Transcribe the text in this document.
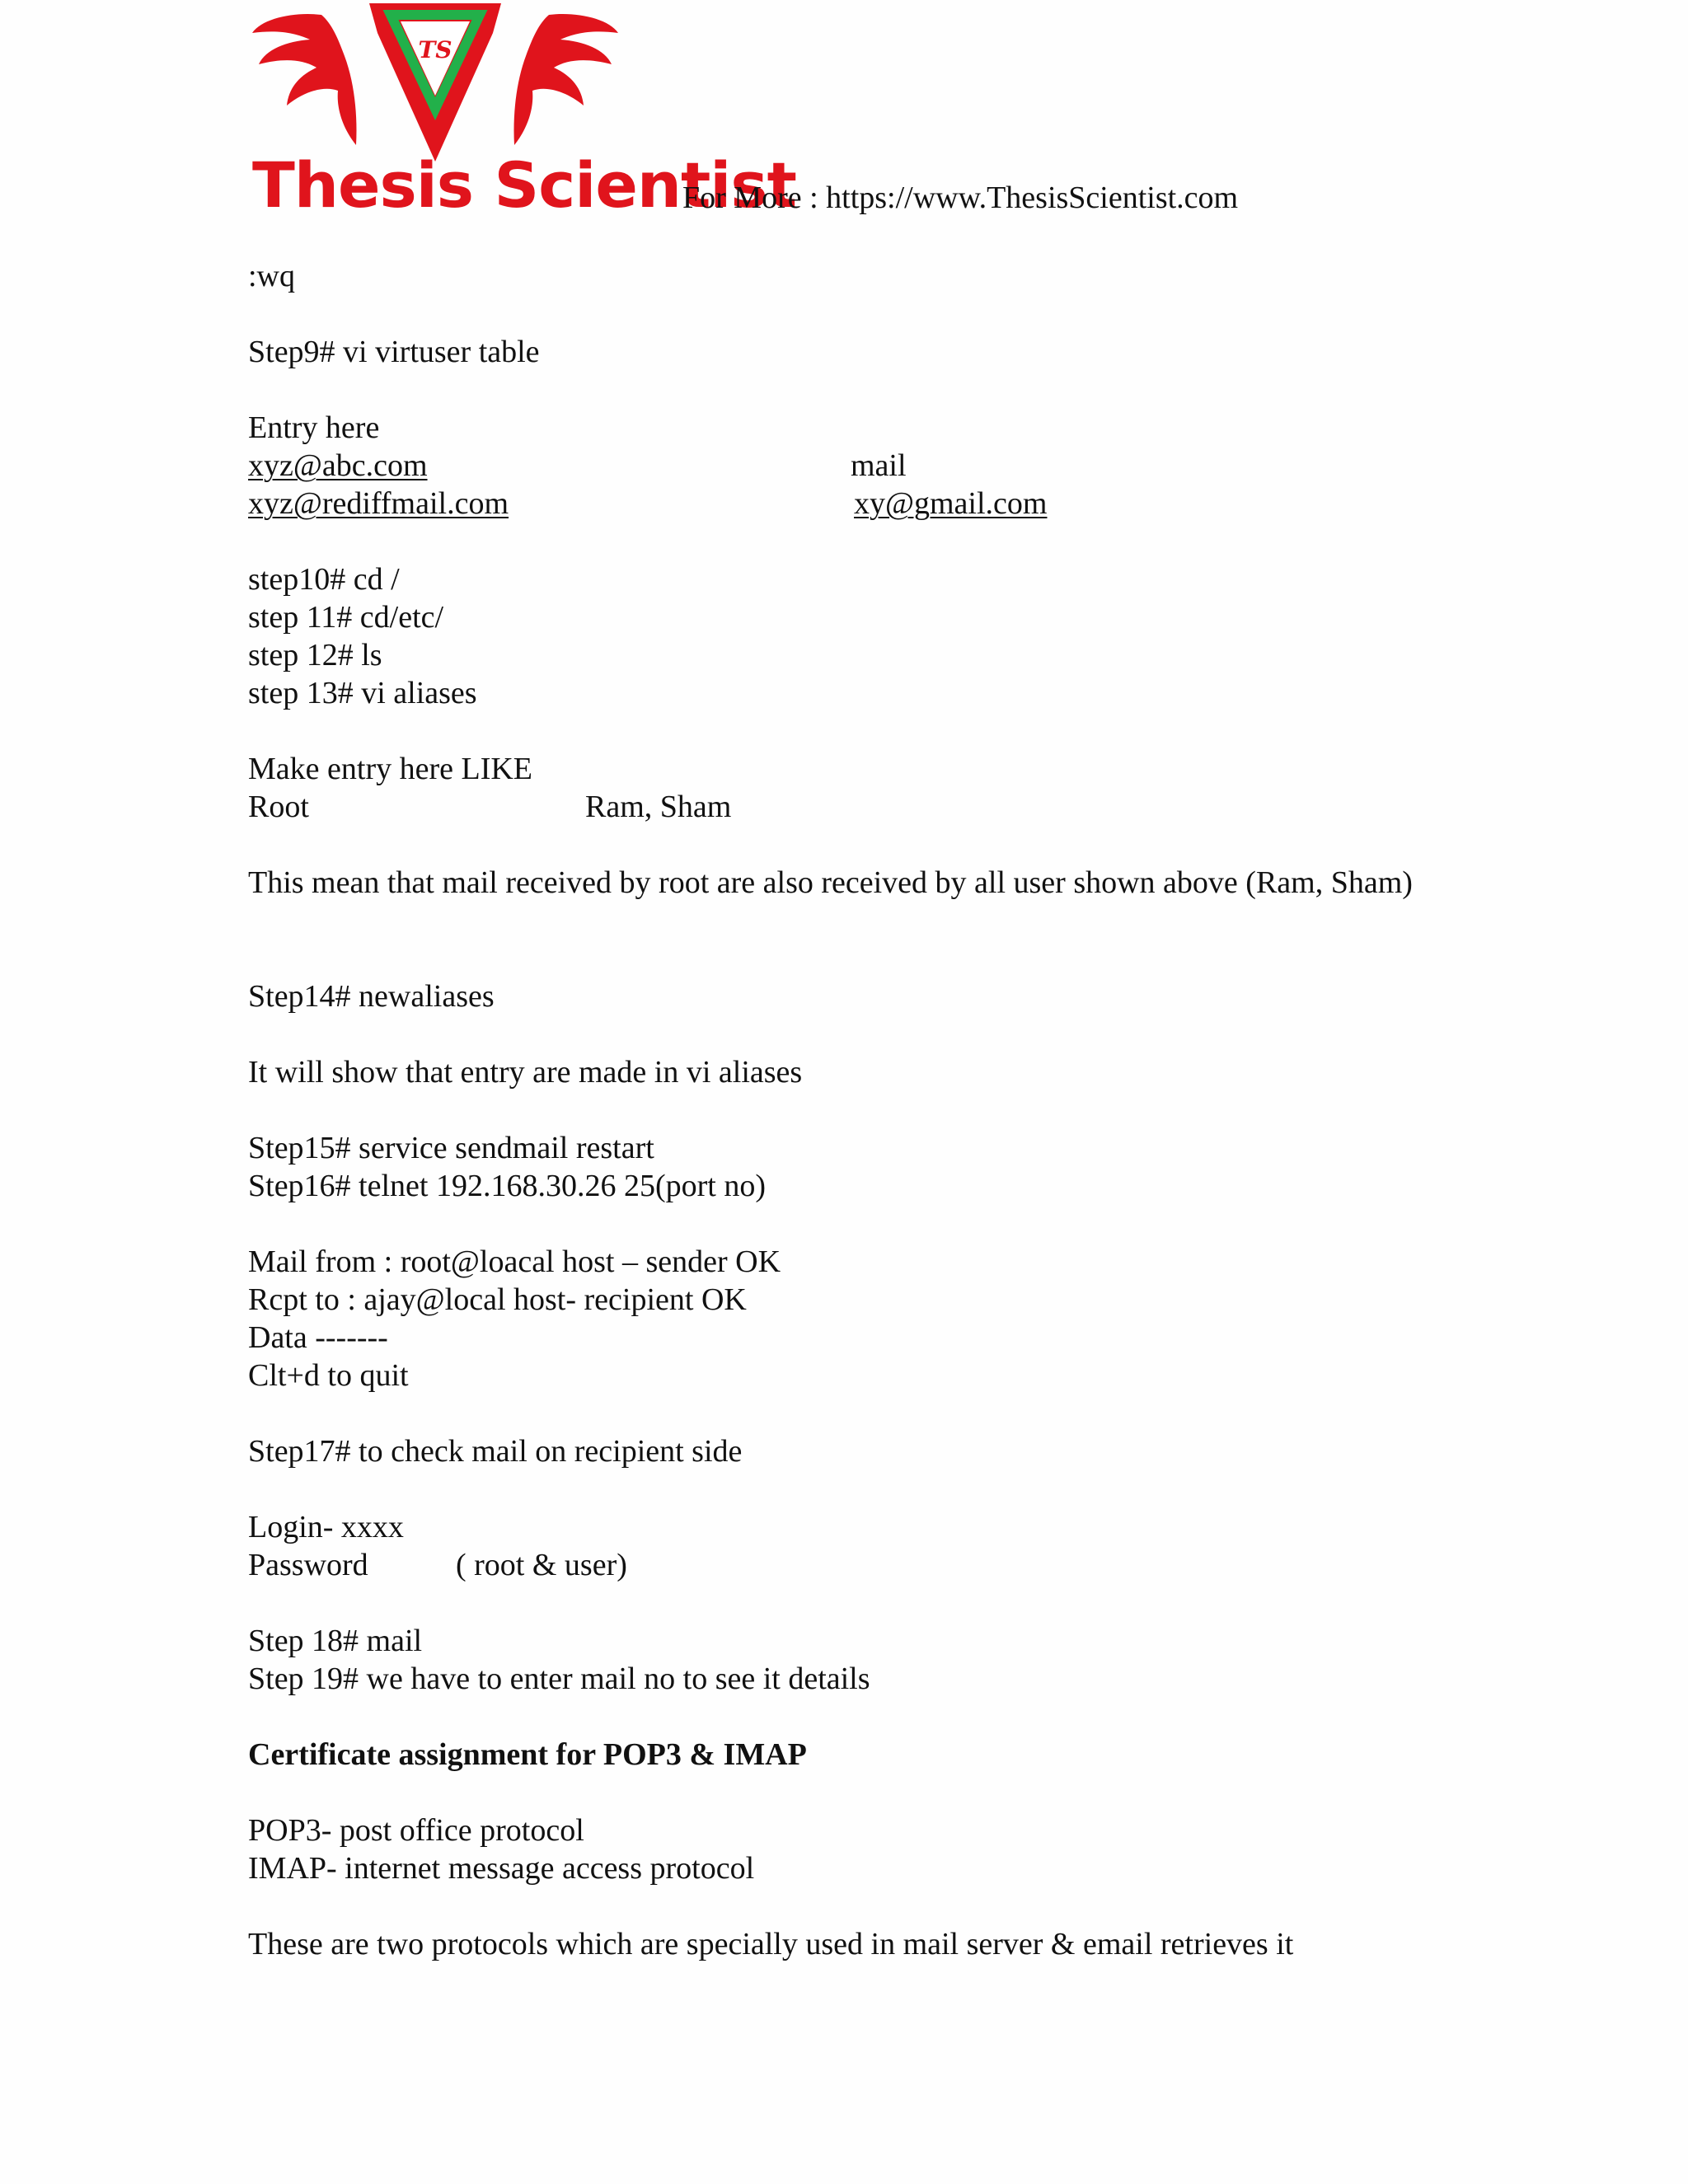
TS
Thesis Scientist
For More : https://www.ThesisScientist.com
:wq
Step9# vi virtuser table
Entry here
xyz@abc.com	mail
xyz@rediffmail.com	xy@gmail.com
step10# cd /
step 11# cd/etc/
step 12# ls
step 13# vi aliases
Make entry here LIKE
Root	Ram, Sham
This mean that mail received by root are also received by all user shown above (Ram, Sham)
Step14# newaliases
It will show that entry are made in vi aliases
Step15# service sendmail restart
Step16# telnet 192.168.30.26 25(port no)
Mail from : root@loacal host – sender OK
Rcpt to : ajay@local host- recipient OK
Data -------
Clt+d to quit
Step17# to check mail on recipient side
Login- xxxx
Password	( root & user)
Step 18# mail
Step 19# we have to enter mail no to see it details
Certificate assignment for POP3 & IMAP
POP3- post office protocol
IMAP- internet message access protocol
These are two protocols which are specially used in mail server & email retrieves it
